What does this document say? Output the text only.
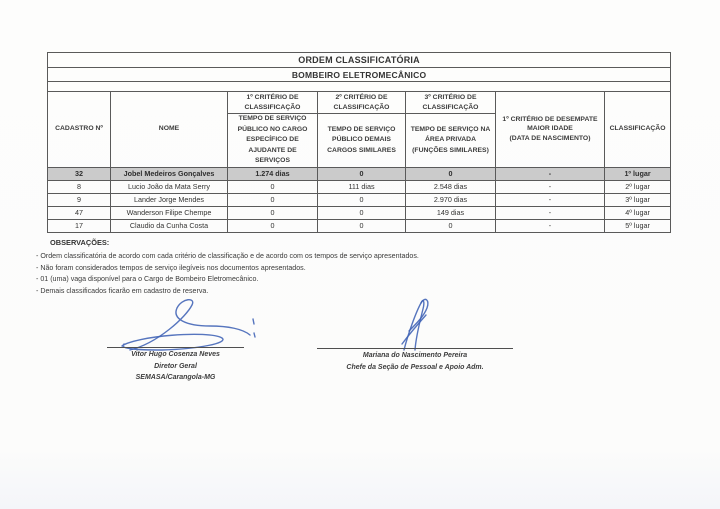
ORDEM CLASSIFICATÓRIA						
BOMBEIRO ELETROMECÂNICO						

CADASTRO Nº	NOME	1º CRITÉRIO DE CLASSIFICAÇÃO	2º CRITÉRIO DE CLASSIFICAÇÃO	3º CRITÉRIO DE CLASSIFICAÇÃO	1º CRITÉRIO DE DESEMPATE
MAIOR IDADE
(DATA DE NASCIMENTO)	CLASSIFICAÇÃO
		TEMPO DE SERVIÇO PÚBLICO NO CARGO ESPECÍFICO DE AJUDANTE DE SERVIÇOS	TEMPO DE SERVIÇO PÚBLICO DEMAIS CARGOS SIMILARES	TEMPO DE SERVIÇO NA ÁREA PRIVADA (FUNÇÕES SIMILARES)		
32	Jobel Medeiros Gonçalves	1.274 dias	0	0	-	1º lugar
8	Lucio João da Mata Serry	0	111 dias	2.548 dias	-	2º lugar
9	Lander Jorge Mendes	0	0	2.970 dias	-	3º lugar
47	Wanderson Filipe Chempe	0	0	149 dias	-	4º lugar
17	Claudio da Cunha Costa	0	0	0	-	5º lugar
OBSERVAÇÕES:
- Ordem classificatória de acordo com cada critério de classificação e de acordo com os tempos de serviço apresentados.
- Não foram considerados tempos de serviço ilegíveis nos documentos apresentados.
- 01 (uma) vaga disponível para o Cargo de Bombeiro Eletromecânico.
- Demais classificados ficarão em cadastro de reserva.
Vitor Hugo Cosenza Neves
Diretor Geral
SEMASA/Carangola-MG
Mariana do Nascimento Pereira
Chefe da Seção de Pessoal e Apoio Adm.
